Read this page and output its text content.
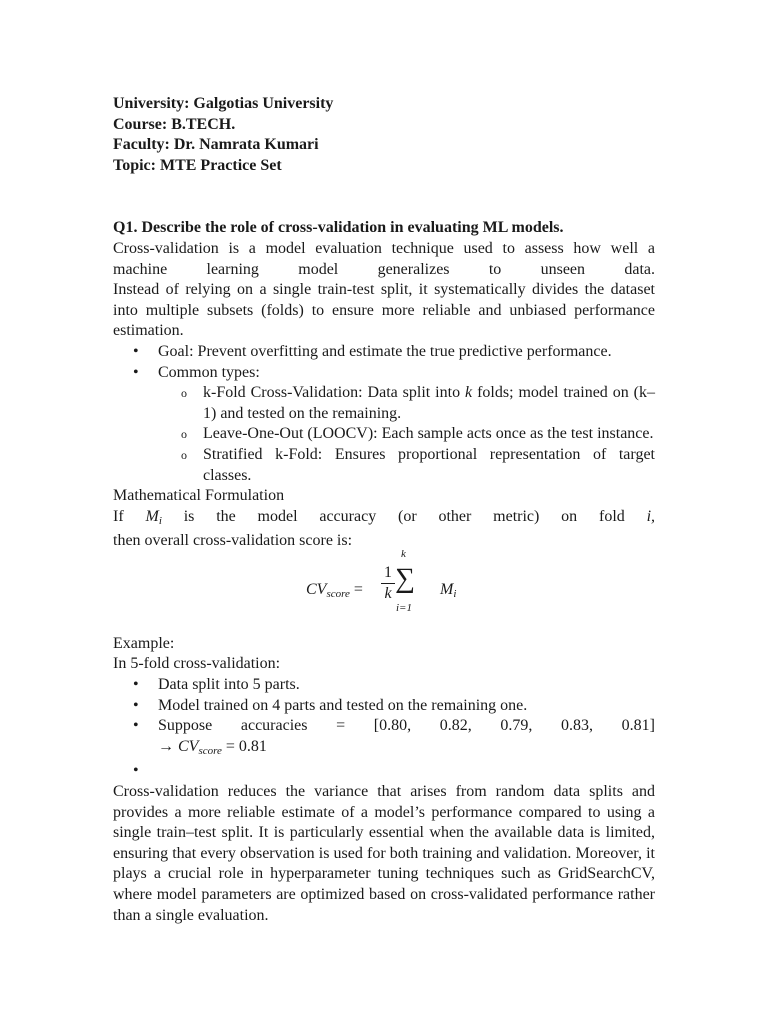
University: Galgotias University
Course: B.TECH.
Faculty: Dr. Namrata Kumari
Topic: MTE Practice Set
Q1. Describe the role of cross-validation in evaluating ML models.
Cross-validation is a model evaluation technique used to assess how well a
machine learning model generalizes to unseen data.
Instead of relying on a single train-test split, it systematically divides the dataset into multiple subsets (folds) to ensure more reliable and unbiased performance estimation.
• Goal: Prevent overfitting and estimate the true predictive performance.
• Common types:
o k-Fold Cross-Validation: Data split into k folds; model trained on (k–1) and tested on the remaining.
o Leave-One-Out (LOOCV): Each sample acts once as the test instance.
o Stratified k-Fold: Ensures proportional representation of target classes.
Mathematical Formulation
If $M_i$ is the model accuracy (or other metric) on fold i,
then overall cross-validation score is:
$CV_{score}$ =
1
k
k
∑
i=1
$M_i$
Example:
In 5-fold cross-validation:
• Data split into 5 parts.
• Model trained on 4 parts and tested on the remaining one.
• Suppose accuracies = [0.80, 0.82, 0.79, 0.83, 0.81]
→ $CV_{score} = 0.81$
•
Cross-validation reduces the variance that arises from random data splits and provides a more reliable estimate of a model’s performance compared to using a single train–test split. It is particularly essential when the available data is limited, ensuring that every observation is used for both training and validation. Moreover, it plays a crucial role in hyperparameter tuning techniques such as GridSearchCV, where model parameters are optimized based on cross-validated performance rather than a single evaluation.
